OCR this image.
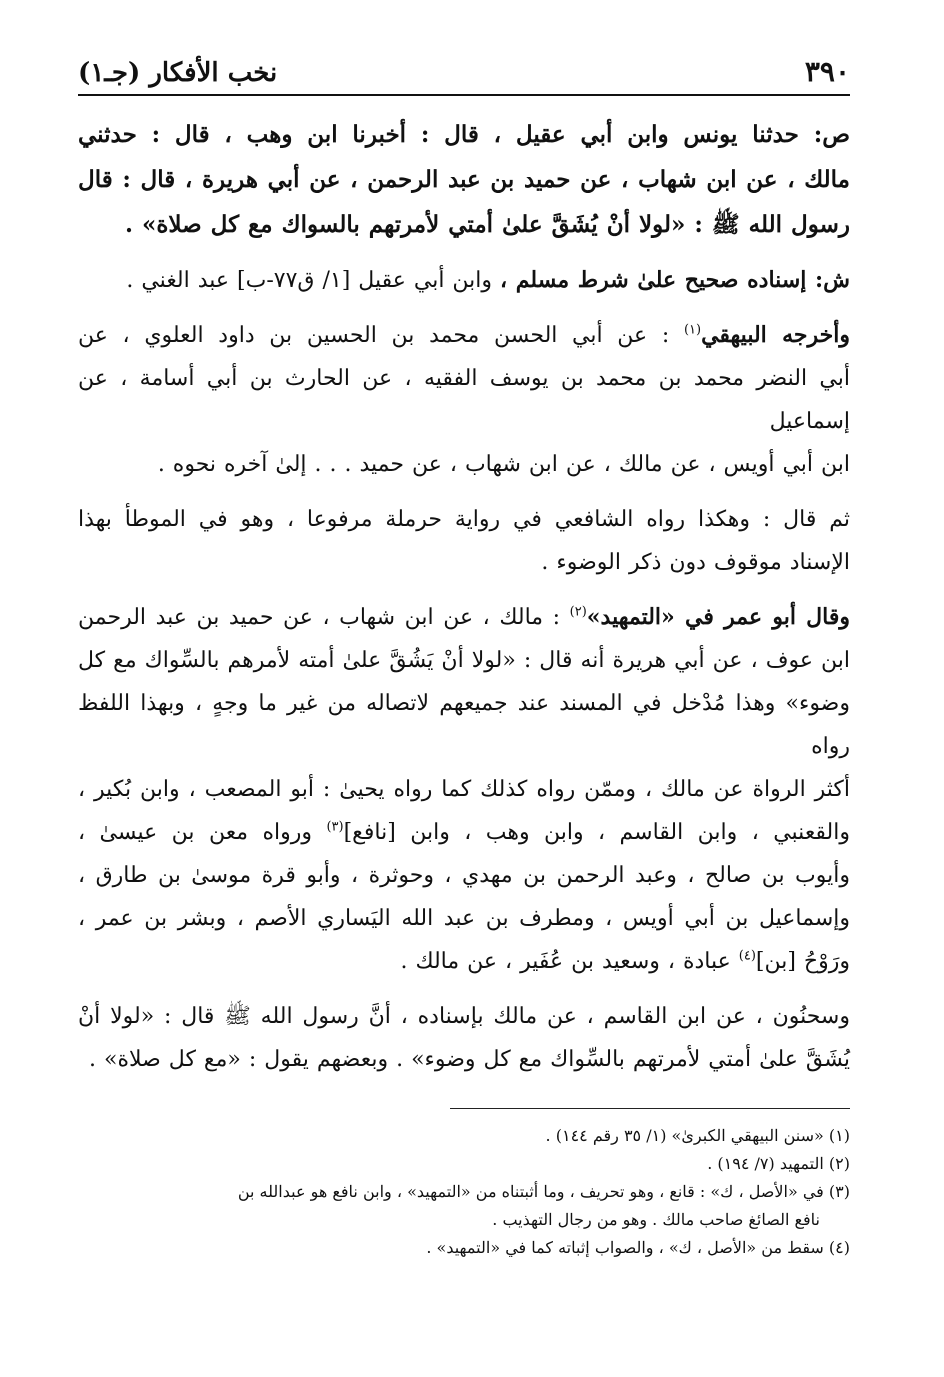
٣٩٠
نخب الأفكار (جـ١)
ص: حدثنا يونس وابن أبي عقيل ، قال : أخبرنا ابن وهب ، قال : حدثني
مالك ، عن ابن شهاب ، عن حميد بن عبد الرحمن ، عن أبي هريرة ، قال : قال
رسول الله ﷺ : «لولا أنْ يُشَقَّ علىٰ أمتي لأمرتهم بالسواك مع كل صلاة» .
ش: إسناده صحيح علىٰ شرط مسلم ، وابن أبي عقيل [١/ ق٧٧-ب] عبد الغني .
وأخرجه البيهقي$^{(١)}$ : عن أبي الحسن محمد بن الحسين بن داود العلوي ، عن
أبي النضر محمد بن محمد بن يوسف الفقيه ، عن الحارث بن أبي أسامة ، عن إسماعيل
ابن أبي أويس ، عن مالك ، عن ابن شهاب ، عن حميد . . . إلىٰ آخره نحوه .
ثم قال : وهكذا رواه الشافعي في رواية حرملة مرفوعا ، وهو في الموطأ بهذا
الإسناد موقوف دون ذكر الوضوء .
وقال أبو عمر في «التمهيد»$^{(٢)}$ : مالك ، عن ابن شهاب ، عن حميد بن عبد الرحمن
ابن عوف ، عن أبي هريرة أنه قال : «لولا أنْ يَشُقَّ علىٰ أمته لأمرهم بالسِّواك مع كل
وضوء» وهذا مُدْخل في المسند عند جميعهم لاتصاله من غير ما وجهٍ ، وبهذا اللفظ رواه
أكثر الرواة عن مالك ، وممّن رواه كذلك كما رواه يحيىٰ : أبو المصعب ، وابن بُكير ،
والقعنبي ، وابن القاسم ، وابن وهب ، وابن [نافع]$^{(٣)}$ ورواه معن بن عيسىٰ ،
وأيوب بن صالح ، وعبد الرحمن بن مهدي ، وحوثرة ، وأبو قرة موسىٰ بن طارق ،
وإسماعيل بن أبي أويس ، ومطرف بن عبد الله اليَساري الأصم ، وبشر بن عمر ،
ورَوْحُ [بن]$^{(٤)}$ عبادة ، وسعيد بن عُفَير ، عن مالك .
وسحنُون ، عن ابن القاسم ، عن مالك بإسناده ، أنَّ رسول الله ﷺ قال : «لولا أنْ
يُشَقَّ علىٰ أمتي لأمرتهم بالسِّواك مع كل وضوء» . وبعضهم يقول : «مع كل صلاة» .
(١) «سنن البيهقي الكبرىٰ» (١/ ٣٥ رقم ١٤٤) .
(٢) التمهيد (٧/ ١٩٤) .
(٣) في «الأصل ، ك» : قانع ، وهو تحريف ، وما أثبتناه من «التمهيد» ، وابن نافع هو عبدالله بن
نافع الصائغ صاحب مالك . وهو من رجال التهذيب .
(٤) سقط من «الأصل ، ك» ، والصواب إثباته كما في «التمهيد» .
